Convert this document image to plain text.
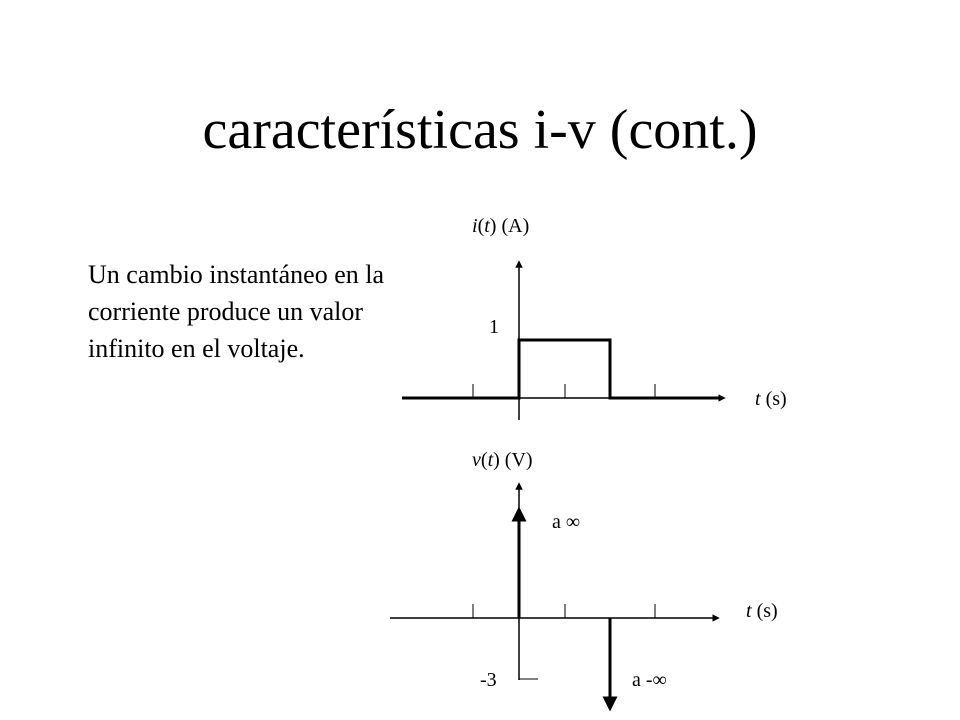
características i-v (cont.)
Un cambio instantáneo en la corriente produce un valor infinito en el voltaje.
i(t) (A)
1
t (s)
v(t) (V)
a ∞
a -∞
-3
t (s)
